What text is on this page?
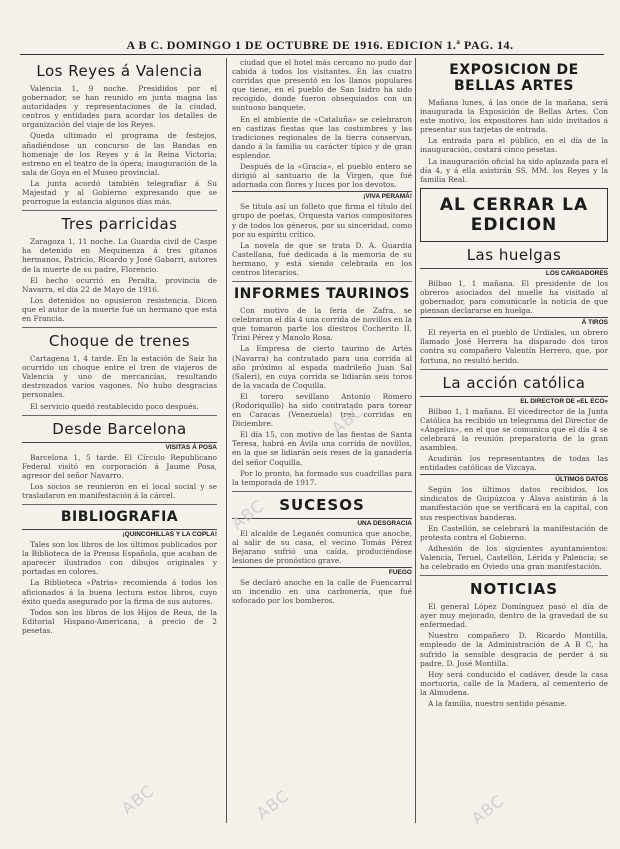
A B C. DOMINGO 1 DE OCTUBRE DE 1916. EDICION 1.ª PAG. 14.
Los Reyes á Valencia

Valencia 1, 9 noche. Presididos por el gobernador, se han reunido en junta magna las autoridades y representaciones de la ciudad, centros y entidades para acordar los detalles de organización del viaje de los Reyes.

Queda ultimado el programa de festejos, añadiéndose un concurso de las Bandas en homenaje de los Reyes y á la Reina Victoria; estreno en el teatro de la ópera; inauguración de la sala de Goya en el Museo provincial.

La junta acordó también telegrafiar á Su Majestad y al Gobierno expresando que se prorrogue la estancia algunos días más.

Tres parricidas

Zaragoza 1, 11 noche. La Guardia civil de Caspe ha detenido en Mequinenza á tres gitanos hermanos, Patricio, Ricardo y José Gabarri, autores de la muerte de su padre, Florencio.

El hecho ocurrió en Peralta, provincia de Navarra, el día 22 de Mayo de 1916.

Los detenidos no opusieron resistencia. Dicen que el autor de la muerte fué un hermano que está en Francia.

Choque de trenes

Cartagena 1, 4 tarde. En la estación de Saiz ha ocurrido un choque entre el tren de viajeros de Valencia y uno de mercancías, resultando destrozados varios vagones. No hubo desgracias personales.

El servicio quedó restablecido poco después.

Desde Barcelona
VISITAS Á POSA

Barcelona 1, 5 tarde. El Círculo Republicano Federal visitó en corporación á Jaume Posa, agresor del señor Navarro.

Los socios se reunieron en el local social y se trasladaron en manifestación á la cárcel.

BIBLIOGRAFIA
¡QUINCOHILLAS Y LA COPLA!

Tales son los libros de los últimos publicados por la Biblioteca de la Prensa Española, que acaban de aparecer ilustrados con dibujos originales y portadas en colores.

La Biblioteca «Patria» recomienda á todos los aficionados á la buena lectura estos libros, cuyo éxito queda asegurado por la firma de sus autores.

Todos son los libros de los Hijos de Reus, de la Editorial Hispano-Americana, á precio de 2 pesetas.

ciudad que el hotel más cercano no pudo dar cabida á todos los visitantes. En las cuatro corridas que presentó en los llanos populares que tiene, en el pueblo de San Isidro ha sido recogido, donde fueron obsequiados con un suntuoso banquete.

En el ambiente de «Cataluña» se celebraron en castizas fiestas que las costumbres y las tradiciones regionales de la tierra conservan, dando á la familia su carácter típico y de gran esplendor.

Después de la «Gracia», el pueblo entero se dirigió al santuario de la Virgen, que fué adornada con flores y luces por los devotos.

¡VIVA PERAMÁ!

Se titula así un folleto que firma el título del grupo de poetas, Orquesta varios compositores y de todos los géneros, por su sinceridad, como por su espíritu crítico.

La novela de que se trata D. A. Guardia Castellana, fué dedicada á la memoria de su hermano, y está siendo celebrada en los centros literarios.

INFORMES TAURINOS

Con motivo de la feria de Zafra, se celebraron el día 4 una corrida de novillos en la que tomaron parte los diestros Cocherito II, Trini Pérez y Manolo Rosa.

La Empresa de cierto taurino de Artés (Navarra) ha contratado para una corrida al año próximo al espada madrileño Juan Sal (Saleri), en cuya corrida se lidiarán seis toros de la vacada de Coquilla.

El torero sevillano Antonio Romero (Rodoriquillo) ha sido contratado para torear en Caracas (Venezuela) tres corridas en Diciembre.

El día 15, con motivo de las fiestas de Santa Teresa, habrá en Ávila una corrida de novillos, en la que se lidiarán seis reses de la ganadería del señor Coquilla.

Por lo pronto, ha formado sus cuadrillas para la temporada de 1917.

SUCESOS
UNA DESGRACIA

El alcalde de Leganés comunica que anoche, al salir de su casa, el vecino Tomás Pérez Bejarano sufrió una caída, produciéndose lesiones de pronóstico grave.

FUEGO

Se declaró anoche en la calle de Fuencarral un incendio en una carbonería, que fué sofocado por los bomberos.

EXPOSICION DE BELLAS ARTES

Mañana lunes, á las once de la mañana, será inaugurada la Exposición de Bellas Artes. Con este motivo, los expositores han sido invitados á presentar sus tarjetas de entrada.

La entrada para el público, en el día de la inauguración, costará cinco pesetas.

La inauguración oficial ha sido aplazada para el día 4, y á ella asistirán SS. MM. los Reyes y la familia Real.

AL CERRAR LA EDICION
Las huelgas
LOS CARGADORES

Bilbao 1, 1 mañana. El presidente de los obreros asociados del muelle ha visitado al gobernador, para comunicarle la noticia de que piensan declararse en huelga.

Á TIROS

El reyerta en el pueblo de Urdiales, un obrero llamado José Herrera ha disparado dos tiros contra su compañero Valentín Herrero, que, por fortuna, no resultó herido.

La acción católica
EL DIRECTOR DE «EL ECO»

Bilbao 1, 1 mañana. El vicedirector de la Junta Católica ha recibido un telegrama del Director de «Ángelus», en el que se comunica que el día 4 se celebrará la reunión preparatoria de la gran asamblea.

Acudirán los representantes de todas las entidades católicas de Vizcaya.

ÚLTIMOS DATOS

Según los últimos datos recibidos, los sindicatos de Guipúzcoa y Álava asistirán á la manifestación que se verificará en la capital, con sus respectivas banderas.

En Castellón, se celebrará la manifestación de protesta contra el Gobierno.

Adhesión de los siguientes ayuntamientos: Valencia, Teruel, Castellón, Lérida y Palencia; se ha celebrado en Oviedo una gran manifestación.

NOTICIAS

El general López Domínguez pasó el día de ayer muy mejorado, dentro de la gravedad de su enfermedad.

Nuestro compañero D. Ricardo Montilla, empleado de la Administración de A B C, ha sufrido la sensible desgracia de perder á su padre, D. José Montilla.

Hoy será conducido el cadáver, desde la casa mortuoria, calle de la Madera, al cementerio de la Almudena.

A la familia, nuestro sentido pésame.

ABC
ABC
ABC	ABC	ABC
